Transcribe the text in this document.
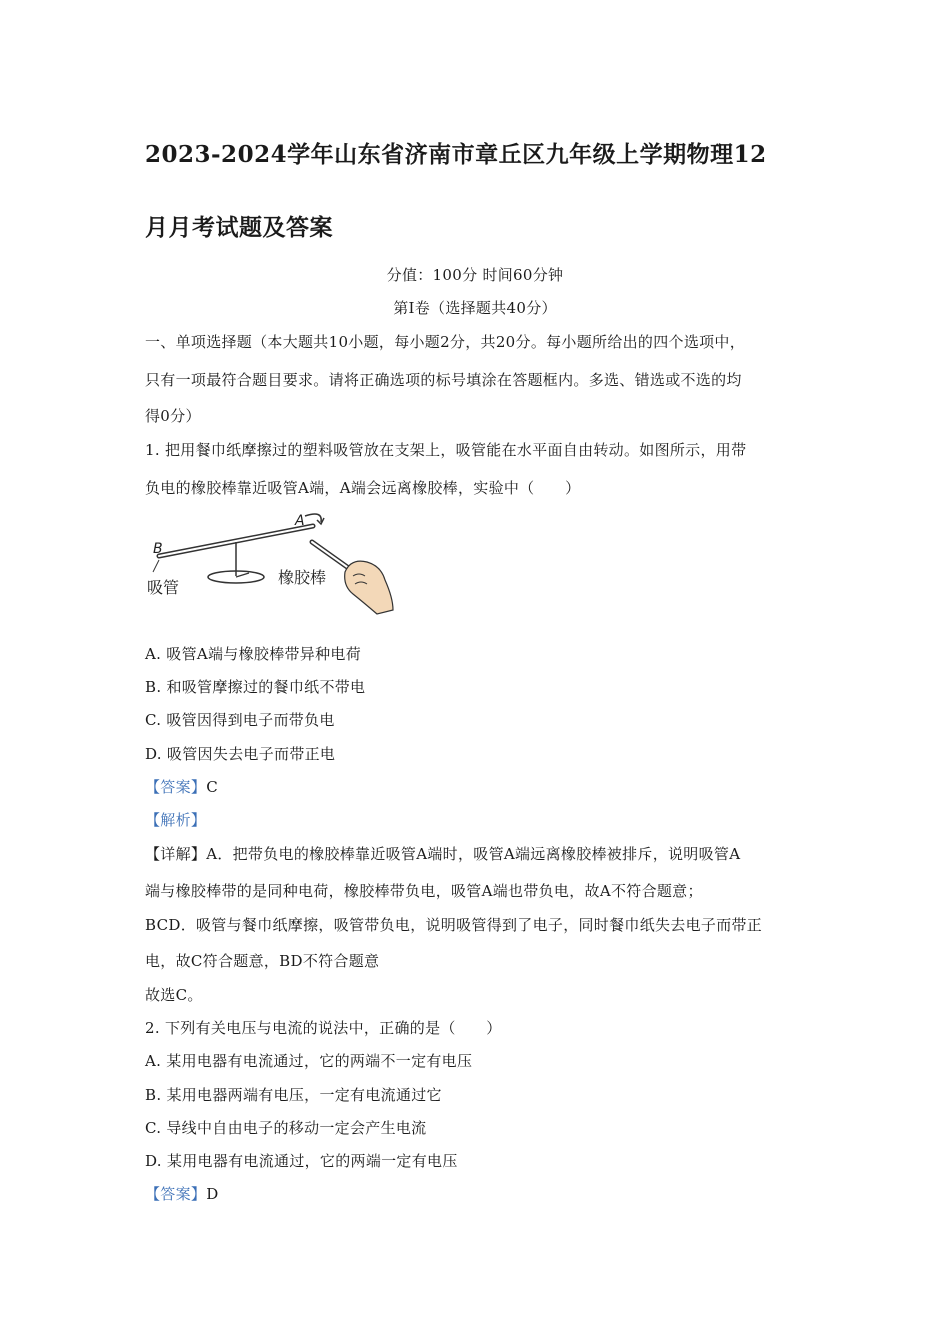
2023-2024学年山东省济南市章丘区九年级上学期物理12
月月考试题及答案
分值：100分 时间60分钟
第I卷（选择题共40分）
一、单项选择题（本大题共10小题，每小题2分，共20分。每小题所给出的四个选项中，
只有一项最符合题目要求。请将正确选项的标号填涂在答题框内。多选、错选或不选的均
得0分）
1. 把用餐巾纸摩擦过的塑料吸管放在支架上，吸管能在水平面自由转动。如图所示，用带
负电的橡胶棒靠近吸管A端，A端会远离橡胶棒，实验中（　　）
B
A
吸管
橡胶棒
A. 吸管A端与橡胶棒带异种电荷
B. 和吸管摩擦过的餐巾纸不带电
C. 吸管因得到电子而带负电
D. 吸管因失去电子而带正电
【答案】C
【解析】
【详解】A．把带负电的橡胶棒靠近吸管A端时，吸管A端远离橡胶棒被排斥，说明吸管A
端与橡胶棒带的是同种电荷，橡胶棒带负电，吸管A端也带负电，故A不符合题意；
BCD．吸管与餐巾纸摩擦，吸管带负电，说明吸管得到了电子，同时餐巾纸失去电子而带正
电，故C符合题意，BD不符合题意
故选C。
2. 下列有关电压与电流的说法中，正确的是（　　）
A. 某用电器有电流通过，它的两端不一定有电压
B. 某用电器两端有电压，一定有电流通过它
C. 导线中自由电子的移动一定会产生电流
D. 某用电器有电流通过，它的两端一定有电压
【答案】D
